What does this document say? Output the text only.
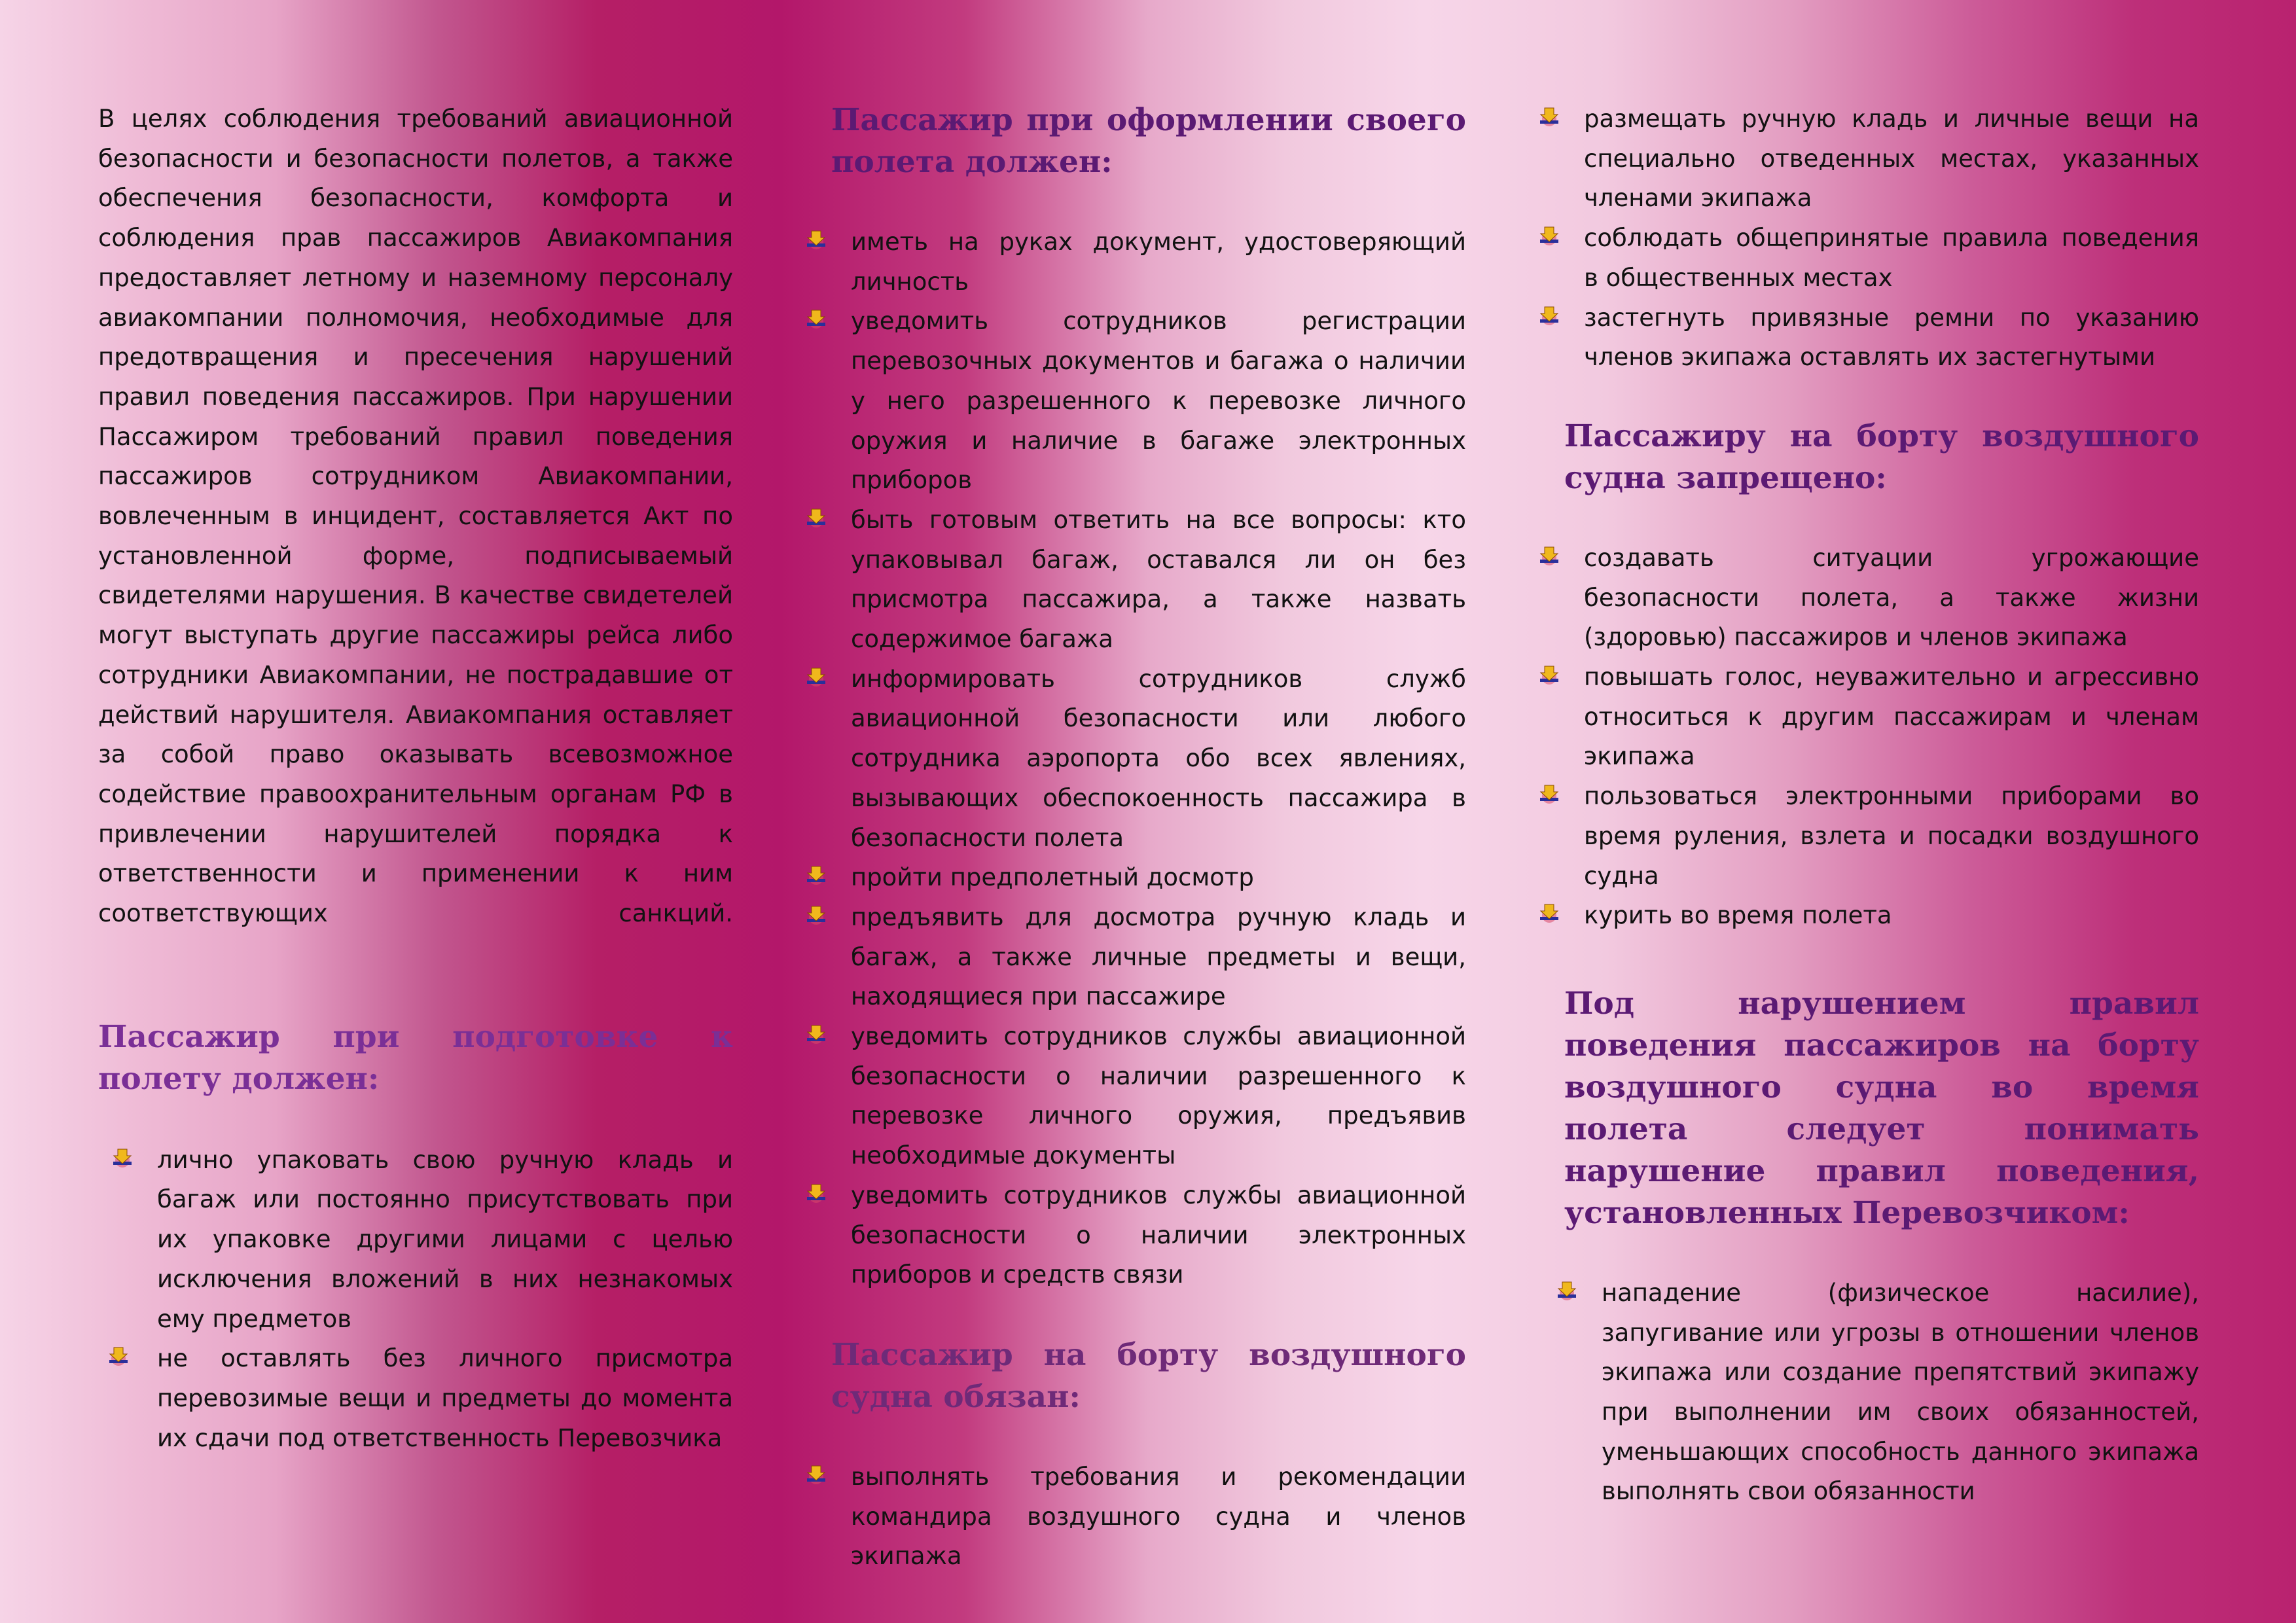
В целях соблюдения требований авиационной безопасности и безопасности полетов, а также обеспечения безопасности, комфорта и соблюдения прав пассажиров Авиакомпания предоставляет летному и наземному персоналу авиакомпании полномочия, необходимые для предотвращения и пресечения нарушений правил поведения пассажиров. При нарушении Пассажиром требований правил поведения пассажиров сотрудником Авиакомпании, вовлеченным в инцидент, составляется Акт по установленной форме, подписываемый свидетелями нарушения. В качестве свидетелей могут выступать другие пассажиры рейса либо сотрудники Авиакомпании, не пострадавшие от действий нарушителя. Авиакомпания оставляет за собой право оказывать всевозможное содействие правоохранительным органам РФ в привлечении нарушителей порядка к ответственности и применении к ним соответствующих санкций.

Пассажир при подготовке к полету должен:
лично упаковать свою ручную кладь и багаж или постоянно присутствовать при их упаковке другими лицами с целью исключения вложений в них незнакомых ему предметов
не оставлять без личного присмотра перевозимые вещи и предметы до момента их сдачи под ответственность Перевозчика
Пассажир при оформлении своего полета должен:
иметь на руках документ, удостоверяющий личность
уведомить сотрудников регистрации перевозочных документов и багажа о наличии у него разрешенного к перевозке личного оружия и наличие в багаже электронных приборов
быть готовым ответить на все вопросы: кто упаковывал багаж, оставался ли он без присмотра пассажира, а также назвать содержимое багажа
информировать сотрудников служб авиационной безопасности или любого сотрудника аэропорта обо всех явлениях, вызывающих обеспокоенность пассажира в безопасности полета
пройти предполетный досмотр
предъявить для досмотра ручную кладь и багаж, а также личные предметы и вещи, находящиеся при пассажире
уведомить сотрудников службы авиационной безопасности о наличии разрешенного к перевозке личного оружия, предъявив необходимые документы
уведомить сотрудников службы авиационной безопасности о наличии электронных приборов и средств связи
Пассажир на борту воздушного судна обязан:
выполнять требования и рекомендации командира воздушного судна и членов экипажа
размещать ручную кладь и личные вещи на специально отведенных местах, указанных членами экипажа
соблюдать общепринятые правила поведения в общественных местах
застегнуть привязные ремни по указанию членов экипажа оставлять их застегнутыми
Пассажиру на борту воздушного судна запрещено:
создавать ситуации угрожающие безопасности полета, а также жизни (здоровью) пассажиров и членов экипажа
повышать голос, неуважительно и агрессивно относиться к другим пассажирам и членам экипажа
пользоваться электронными приборами во время руления, взлета и посадки воздушного судна
курить во время полета
Под нарушением правил поведения пассажиров на борту воздушного судна во время полета следует понимать нарушение правил поведения, установленных Перевозчиком:
нападение (физическое насилие), запугивание или угрозы в отношении членов экипажа или создание препятствий экипажу при выполнении им своих обязанностей, уменьшающих способность данного экипажа выполнять свои обязанности
